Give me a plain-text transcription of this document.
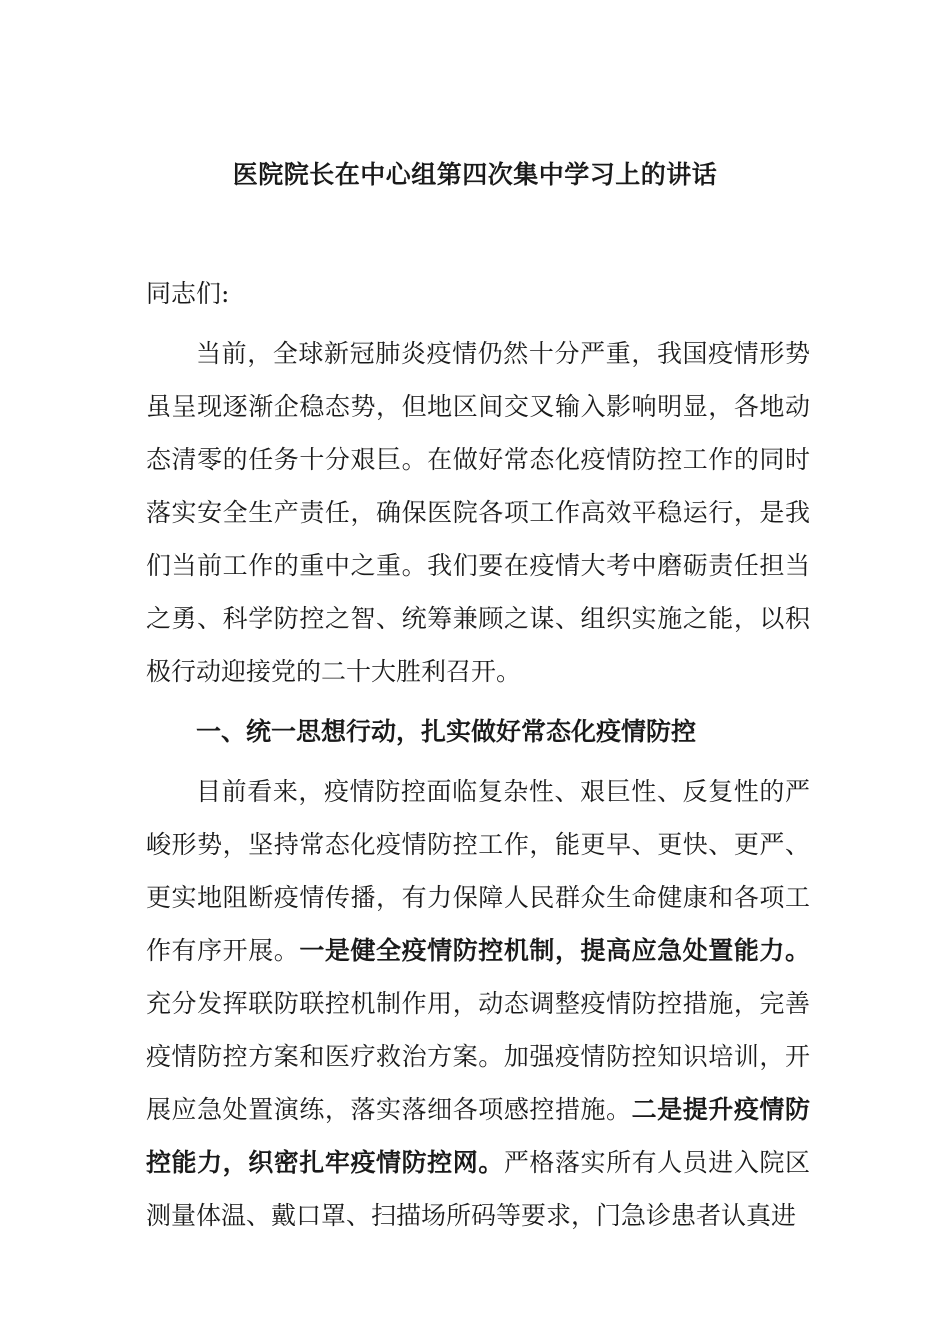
医院院长在中心组第四次集中学习上的讲话

同志们:

当前，全球新冠肺炎疫情仍然十分严重，我国疫情形势虽呈现逐渐企稳态势，但地区间交叉输入影响明显，各地动态清零的任务十分艰巨。在做好常态化疫情防控工作的同时落实安全生产责任，确保医院各项工作高效平稳运行，是我们当前工作的重中之重。我们要在疫情大考中磨砺责任担当之勇、科学防控之智、统筹兼顾之谋、组织实施之能，以积极行动迎接党的二十大胜利召开。

一、统一思想行动，扎实做好常态化疫情防控

目前看来，疫情防控面临复杂性、艰巨性、反复性的严峻形势，坚持常态化疫情防控工作，能更早、更快、更严、更实地阻断疫情传播，有力保障人民群众生命健康和各项工作有序开展。一是健全疫情防控机制，提高应急处置能力。充分发挥联防联控机制作用，动态调整疫情防控措施，完善疫情防控方案和医疗救治方案。加强疫情防控知识培训，开展应急处置演练，落实落细各项感控措施。二是提升疫情防控能力，织密扎牢疫情防控网。严格落实所有人员进入院区测量体温、戴口罩、扫描场所码等要求，门急诊患者认真进
